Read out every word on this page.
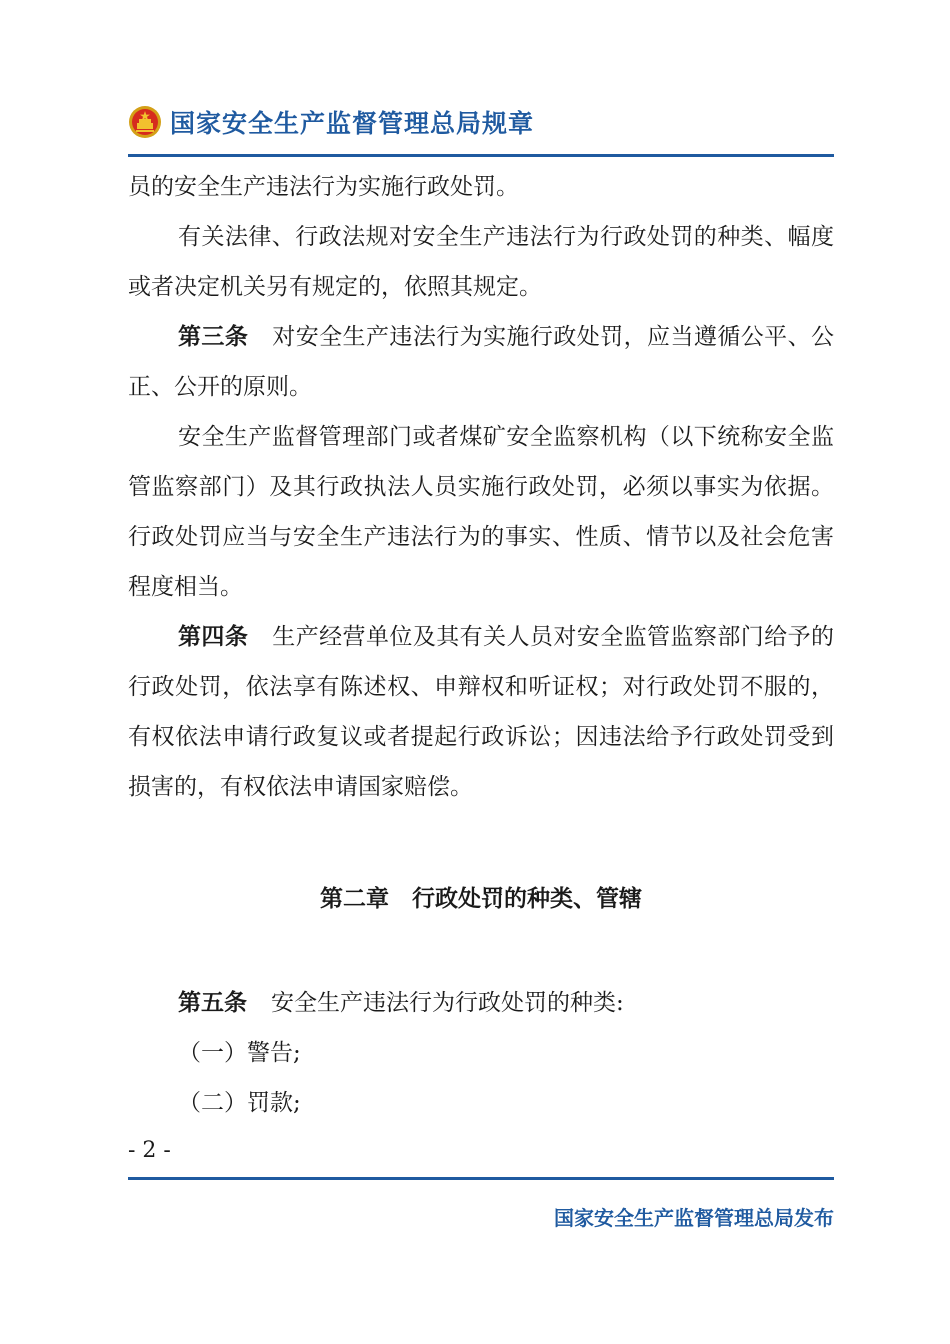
国家安全生产监督管理总局规章

员的安全生产违法行为实施行政处罚。

有关法律、行政法规对安全生产违法行为行政处罚的种类、幅度或者决定机关另有规定的，依照其规定。

第三条 对安全生产违法行为实施行政处罚，应当遵循公平、公正、公开的原则。

安全生产监督管理部门或者煤矿安全监察机构（以下统称安全监管监察部门）及其行政执法人员实施行政处罚，必须以事实为依据。行政处罚应当与安全生产违法行为的事实、性质、情节以及社会危害程度相当。

第四条 生产经营单位及其有关人员对安全监管监察部门给予的行政处罚，依法享有陈述权、申辩权和听证权；对行政处罚不服的，有权依法申请行政复议或者提起行政诉讼；因违法给予行政处罚受到损害的，有权依法申请国家赔偿。

第二章　行政处罚的种类、管辖

第五条 安全生产违法行为行政处罚的种类:

（一）警告;

（二）罚款;

- 2 -
国家安全生产监督管理总局发布
